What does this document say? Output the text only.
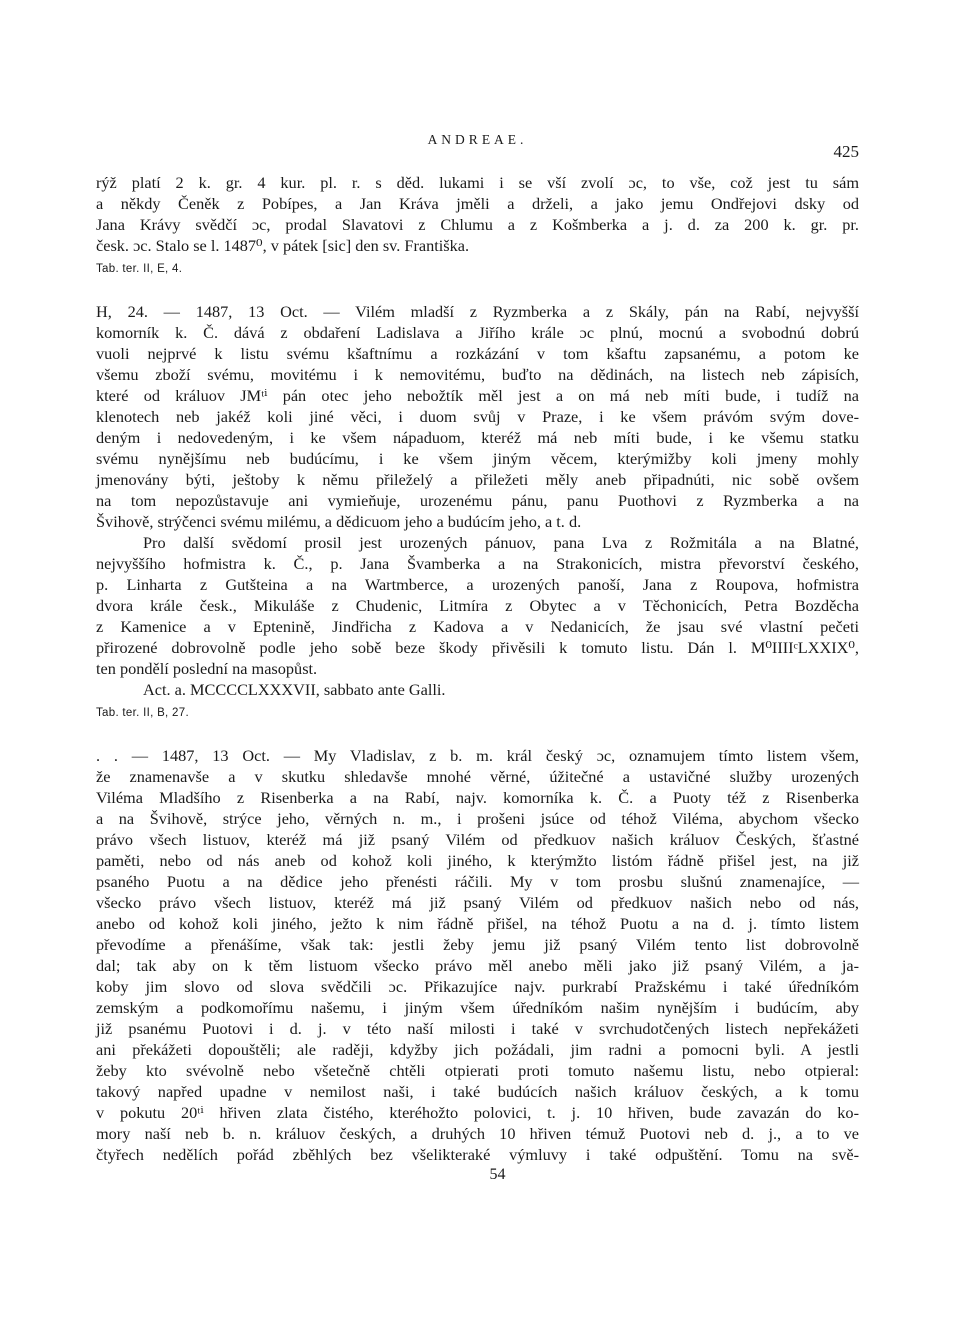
ANDREAE.
425
rýž platí 2 k. gr. 4 kur. pl. r. s děd. lukami i se vší zvolí ɔc, to vše, což jest tu sám
a někdy Čeněk z Pobípes, a Jan Kráva jměli a drželi, a jako jemu Ondřejovi dsky od
Jana Krávy svědčí ɔc, prodal Slavatovi z Chlumu a z Košmberka a j. d. za 200 k. gr. pr.
česk. ɔc. Stalo se l. 1487⁰, v pátek [sic] den sv. Františka.
Tab. ter. II, E, 4.
H, 24. — 1487, 13 Oct. — Vilém mladší z Ryzmberka a z Skály, pán na Rabí, nejvyšší
komorník k. Č. dává z obdaření Ladislava a Jiřího krále ɔc plnú, mocnú a svobodnú dobrú
vuoli nejprvé k listu svému kšaftnímu a rozkázání v tom kšaftu zapsanému, a potom ke
všemu zboží svému, movitému i k nemovitému, buďto na dědinách, na listech neb zápisích,
které od králuov JMᵗⁱ pán otec jeho nebožtík měl jest a on má neb míti bude, i tudíž na
klenotech neb jakéž koli jiné věci, i duom svůj v Praze, i ke všem právóm svým dove-
deným i nedovedeným, i ke všem nápaduom, kteréž má neb míti bude, i ke všemu statku
svému nynějšímu neb budúcímu, i ke všem jiným věcem, kterýmižby koli jmeny mohly
jmenovány býti, ještoby k němu přileželý a přiležeti měly aneb připadnúti, nic sobě ovšem
na tom nepozůstavuje ani vymieňuje, urozenému pánu, panu Puothovi z Ryzmberka a na
Švihově, strýčenci svému milému, a dědicuom jeho a budúcím jeho, a t. d.
Pro další svědomí prosil jest urozených pánuov, pana Lva z Rožmitála a na Blatné,
nejvyššího hofmistra k. Č., p. Jana Švamberka a na Strakonicích, mistra převorství českého,
p. Linharta z Gutšteina a na Wartmberce, a urozených panoší, Jana z Roupova, hofmistra
dvora krále česk., Mikuláše z Chudenic, Litmíra z Obytec a v Těchonicích, Petra Bozděcha
z Kamenice a v Eptenině, Jindřicha z Kadova a v Nedanicích, že jsau své vlastní pečeti
přirozené dobrovolně podle jeho sobě beze škody přivěsili k tomuto listu. Dán l. M⁰IIIIᶜLXXIX⁰,
ten pondělí poslední na masopůst.
Act. a. MCCCCLXXXVII, sabbato ante Galli.
Tab. ter. II, B, 27.
. . — 1487, 13 Oct. — My Vladislav, z b. m. král český ɔc, oznamujem tímto listem všem,
že znamenavše a v skutku shledavše mnohé věrné, úžitečné a ustavičné služby urozených
Viléma Mladšího z Risenberka a na Rabí, najv. komorníka k. Č. a Puoty též z Risenberka
a na Švihově, strýce jeho, věrných n. m., i prošeni jsúce od téhož Viléma, abychom všecko
právo všech listuov, kteréž má již psaný Vilém od předkuov našich králuov Českých, šťastné
paměti, nebo od nás aneb od kohož koli jiného, k kterýmžto listóm řádně přišel jest, na již
psaného Puotu a na dědice jeho přenésti ráčili. My v tom prosbu slušnú znamenajíce, —
všecko právo všech listuov, kteréž má již psaný Vilém od předkuov našich nebo od nás,
anebo od kohož koli jiného, ježto k nim řádně přišel, na téhož Puotu a na d. j. tímto listem
převodíme a přenášíme, však tak: jestli žeby jemu již psaný Vilém tento list dobrovolně
dal; tak aby on k těm listuom všecko právo měl anebo měli jako již psaný Vilém, a ja-
koby jim slovo od slova svědčili ɔc. Přikazujíce najv. purkrabí Pražskému i také úředníkóm
zemským a podkomořímu našemu, i jiným všem úředníkóm našim nynějším i budúcím, aby
již psanému Puotovi i d. j. v této naší milosti i také v svrchudotčených listech nepřekážeti
ani překážeti dopouštěli; ale raději, kdyžby jich požádali, jim radni a pomocni byli. A jestli
žeby kto svévolně nebo všetečně chtěli otpierati proti tomuto našemu listu, nebo otpieral:
takový napřed upadne v nemilost naši, i také budúcích našich králuov českých, a k tomu
v pokutu 20ᵗⁱ hřiven zlata čistého, kteréhožto polovici, t. j. 10 hřiven, bude zavazán do ko-
mory naší neb b. n. králuov českých, a druhých 10 hřiven témuž Puotovi neb d. j., a to ve
čtyřech nedělích pořád zběhlých bez všelikteraké výmluvy i také odpuštění. Tomu na svě-
54
